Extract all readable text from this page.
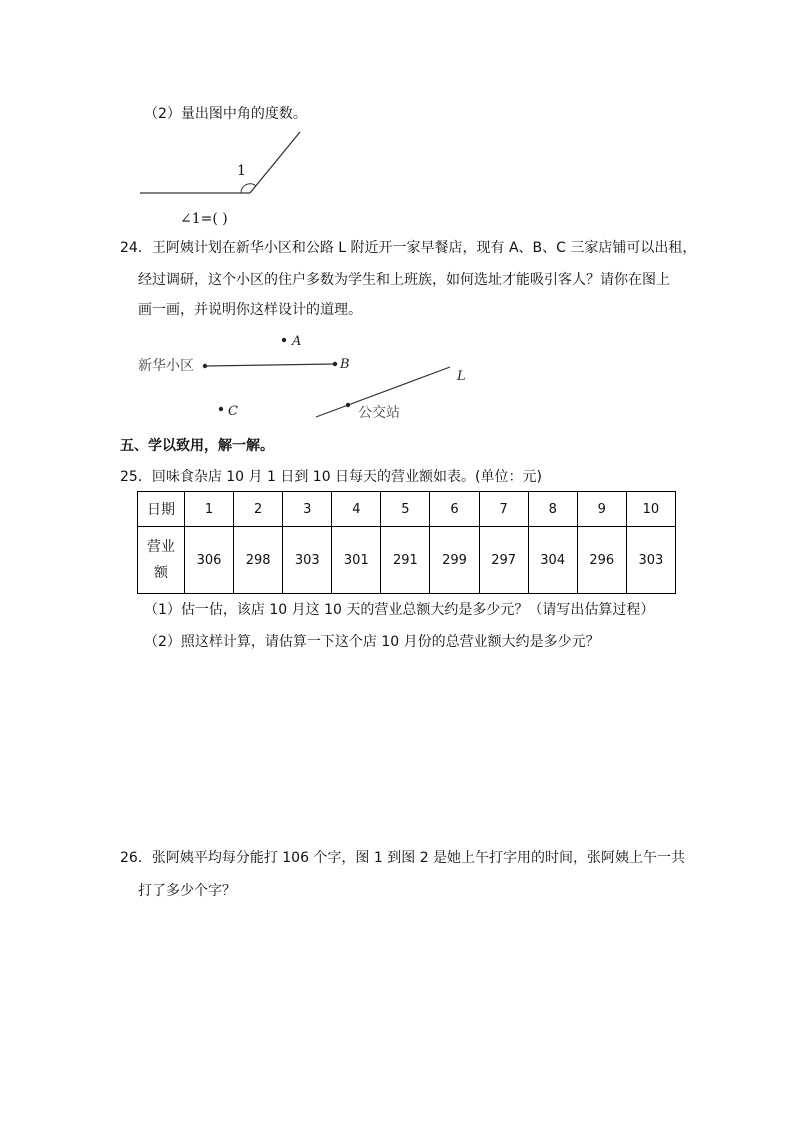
（2）量出图中角的度数。
1
∠1=( )
24．王阿姨计划在新华小区和公路 L 附近开一家早餐店，现有 A、B、C 三家店铺可以出租，
经过调研，这个小区的住户多数为学生和上班族，如何选址才能吸引客人？请你在图上
画一画，并说明你这样设计的道理。
A
新华小区	B
C
L
公交站
五、学以致用，解一解。
25．回味食杂店 10 月 1 日到 10 日每天的营业额如表。(单位：元)
日期	1	2	3	4	5	6	7	8	9	10

营业
额	306	298	303	301	291	299	297	304	296	303
（1）估一估，该店 10 月这 10 天的营业总额大约是多少元？（请写出估算过程）
（2）照这样计算，请估算一下这个店 10 月份的总营业额大约是多少元？
26．张阿姨平均每分能打 106 个字，图 1 到图 2 是她上午打字用的时间，张阿姨上午一共
打了多少个字？
